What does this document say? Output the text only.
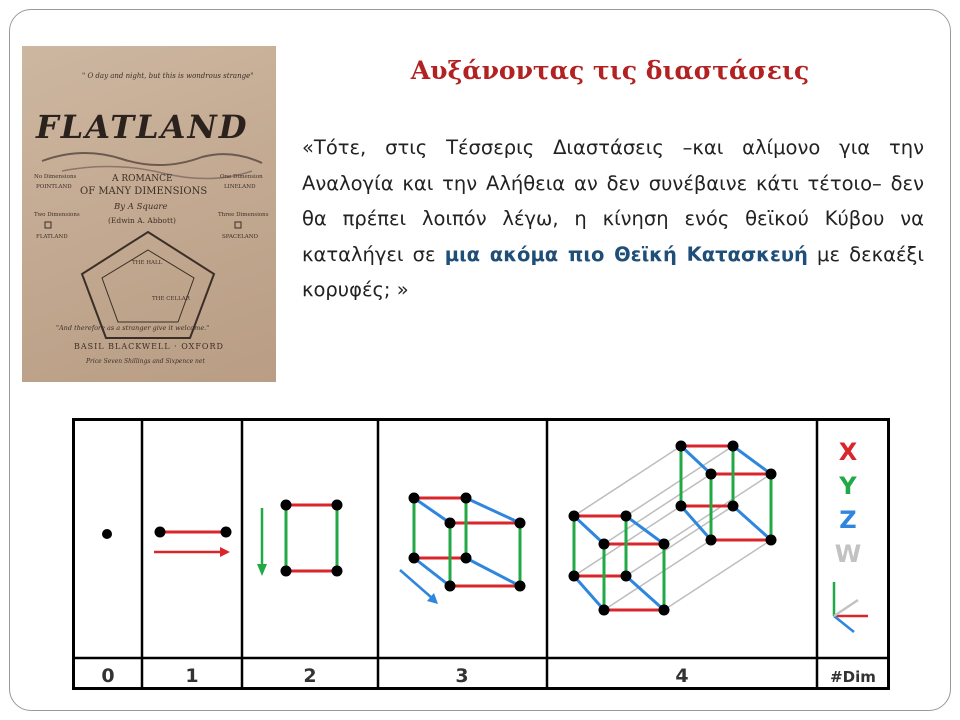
" O day and night, but this is wondrous strange"
FLATLAND
A ROMANCE
OF MANY DIMENSIONS
By A Square
(Edwin A. Abbott)
No Dimensions
POINTLAND
One Dimension
LINELAND
Two Dimensions
FLATLAND
Three Dimensions
SPACELAND
THE HALL
THE CELLAR
"And therefore as a stranger give it welcome."
BASIL BLACKWELL · OXFORD
Price Seven Shillings and Sixpence net
Αυξάνοντας τις διαστάσεις
«Τότε, στις Τέσσερις Διαστάσεις –και αλίμονο για την Αναλογία και την Αλήθεια αν δεν συνέβαινε κάτι τέτοιο– δεν θα πρέπει λοιπόν λέγω, η κίνηση ενός θεϊκού Κύβου να καταλήγει σε μια ακόμα πιο Θεϊκή Κατασκευή με δεκαέξι κορυφές; »
0	1	2	3	4	#Dim
X
Y
Z
W
